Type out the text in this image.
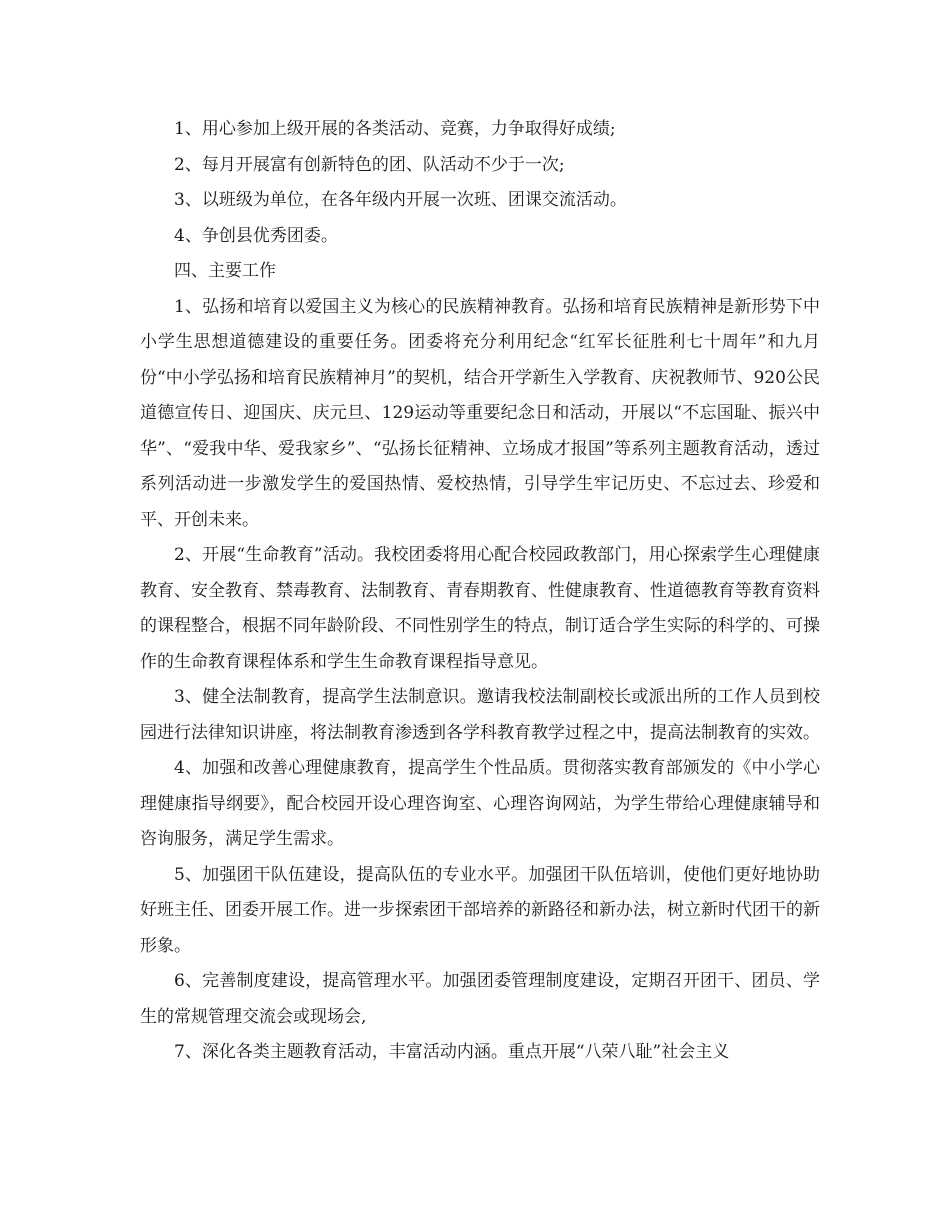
1、用心参加上级开展的各类活动、竞赛，力争取得好成绩;

2、每月开展富有创新特色的团、队活动不少于一次;

3、以班级为单位，在各年级内开展一次班、团课交流活动。

4、争创县优秀团委。

四、主要工作

1、弘扬和培育以爱国主义为核心的民族精神教育。弘扬和培育民族精神是新形势下中小学生思想道德建设的重要任务。团委将充分利用纪念“红军长征胜利七十周年”和九月份“中小学弘扬和培育民族精神月”的契机，结合开学新生入学教育、庆祝教师节、920公民道德宣传日、迎国庆、庆元旦、129运动等重要纪念日和活动，开展以“不忘国耻、振兴中华”、“爱我中华、爱我家乡”、“弘扬长征精神、立场成才报国”等系列主题教育活动，透过系列活动进一步激发学生的爱国热情、爱校热情，引导学生牢记历史、不忘过去、珍爱和平、开创未来。

2、开展“生命教育”活动。我校团委将用心配合校园政教部门，用心探索学生心理健康教育、安全教育、禁毒教育、法制教育、青春期教育、性健康教育、性道德教育等教育资料的课程整合，根据不同年龄阶段、不同性别学生的特点，制订适合学生实际的科学的、可操作的生命教育课程体系和学生生命教育课程指导意见。

3、健全法制教育，提高学生法制意识。邀请我校法制副校长或派出所的工作人员到校园进行法律知识讲座，将法制教育渗透到各学科教育教学过程之中，提高法制教育的实效。

4、加强和改善心理健康教育，提高学生个性品质。贯彻落实教育部颁发的《中小学心理健康指导纲要》，配合校园开设心理咨询室、心理咨询网站，为学生带给心理健康辅导和咨询服务，满足学生需求。

5、加强团干队伍建设，提高队伍的专业水平。加强团干队伍培训，使他们更好地协助好班主任、团委开展工作。进一步探索团干部培养的新路径和新办法，树立新时代团干的新形象。

6、完善制度建设，提高管理水平。加强团委管理制度建设，定期召开团干、团员、学生的常规管理交流会或现场会,

7、深化各类主题教育活动，丰富活动内涵。重点开展“八荣八耻”社会主义
